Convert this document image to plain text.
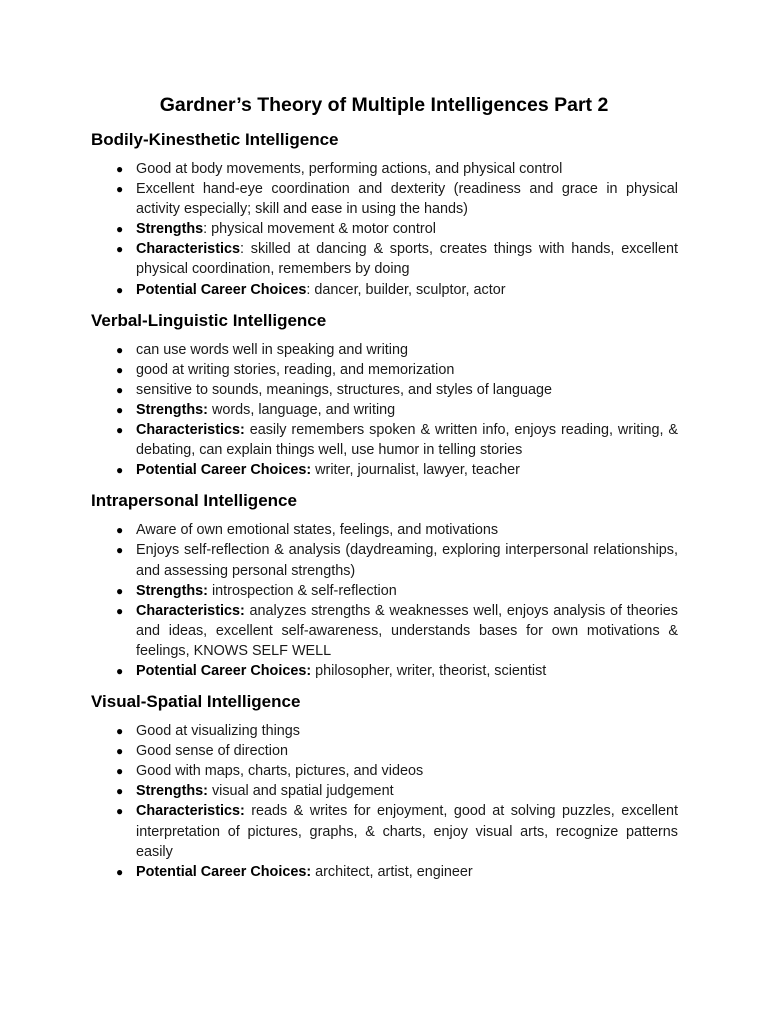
Gardner’s Theory of Multiple Intelligences Part 2
Bodily-Kinesthetic Intelligence
● Good at body movements, performing actions, and physical control
● Excellent hand-eye coordination and dexterity (readiness and grace in physical activity especially; skill and ease in using the hands)
● Strengths: physical movement & motor control
● Characteristics: skilled at dancing & sports, creates things with hands, excellent physical coordination, remembers by doing
● Potential Career Choices: dancer, builder, sculptor, actor
Verbal-Linguistic Intelligence
● can use words well in speaking and writing
● good at writing stories, reading, and memorization
● sensitive to sounds, meanings, structures, and styles of language
● Strengths: words, language, and writing
● Characteristics: easily remembers spoken & written info, enjoys reading, writing, & debating, can explain things well, use humor in telling stories
● Potential Career Choices: writer, journalist, lawyer, teacher
Intrapersonal Intelligence
● Aware of own emotional states, feelings, and motivations
● Enjoys self-reflection & analysis (daydreaming, exploring interpersonal relationships, and assessing personal strengths)
● Strengths: introspection & self-reflection
● Characteristics: analyzes strengths & weaknesses well, enjoys analysis of theories and ideas, excellent self-awareness, understands bases for own motivations & feelings, KNOWS SELF WELL
● Potential Career Choices: philosopher, writer, theorist, scientist
Visual-Spatial Intelligence
● Good at visualizing things
● Good sense of direction
● Good with maps, charts, pictures, and videos
● Strengths: visual and spatial judgement
● Characteristics: reads & writes for enjoyment, good at solving puzzles, excellent interpretation of pictures, graphs, & charts, enjoy visual arts, recognize patterns easily
● Potential Career Choices: architect, artist, engineer
